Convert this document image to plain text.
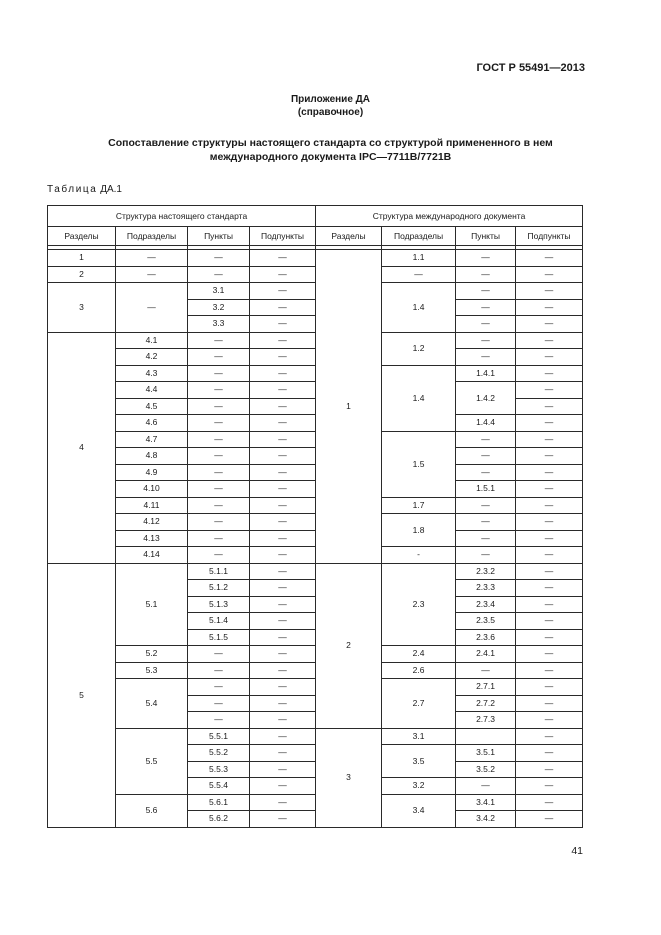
ГОСТ Р 55491—2013
Приложение ДА
(справочное)
Сопоставление структуры настоящего стандарта со структурой примененного в нем
международного документа IPC—7711B/7721B
Таблица ДА.1
Структура настоящего стандарта				Структура международного документа			
Разделы	Подразделы	Пункты	Подпункты	Разделы	Подразделы	Пункты	Подпункты

1	—	—	—	1	1.1	—	—
2	—	—	—		—	—	—
3	—	3.1	—		1.4	—	—
		3.2	—			—	—
		3.3	—			—	—
4	4.1	—	—		1.2	—	—
	4.2	—	—			—	—
	4.3	—	—		1.4	1.4.1	—
	4.4	—	—			1.4.2	—
	4.5	—	—				—
	4.6	—	—			1.4.4	—
	4.7	—	—		1.5	—	—
	4.8	—	—			—	—
	4.9	—	—			—	—
	4.10	—	—			1.5.1	—
	4.11	—	—		1.7	—	—
	4.12	—	—		1.8	—	—
	4.13	—	—			—	—
	4.14	—	—		-	—	—
5	5.1	5.1.1	—	2	2.3	2.3.2	—
		5.1.2	—			2.3.3	—
		5.1.3	—			2.3.4	—
		5.1.4	—			2.3.5	—
		5.1.5	—			2.3.6	—
	5.2	—	—		2.4	2.4.1	—
	5.3	—	—		2.6	—	—
	5.4	—	—		2.7	2.7.1	—
		—	—			2.7.2	—
		—	—			2.7.3	—
	5.5	5.5.1	—	3	3.1		—
		5.5.2	—		3.5	3.5.1	—
		5.5.3	—			3.5.2	—
		5.5.4	—		3.2	—	—
	5.6	5.6.1	—		3.4	3.4.1	—
		5.6.2	—			3.4.2	—
41
